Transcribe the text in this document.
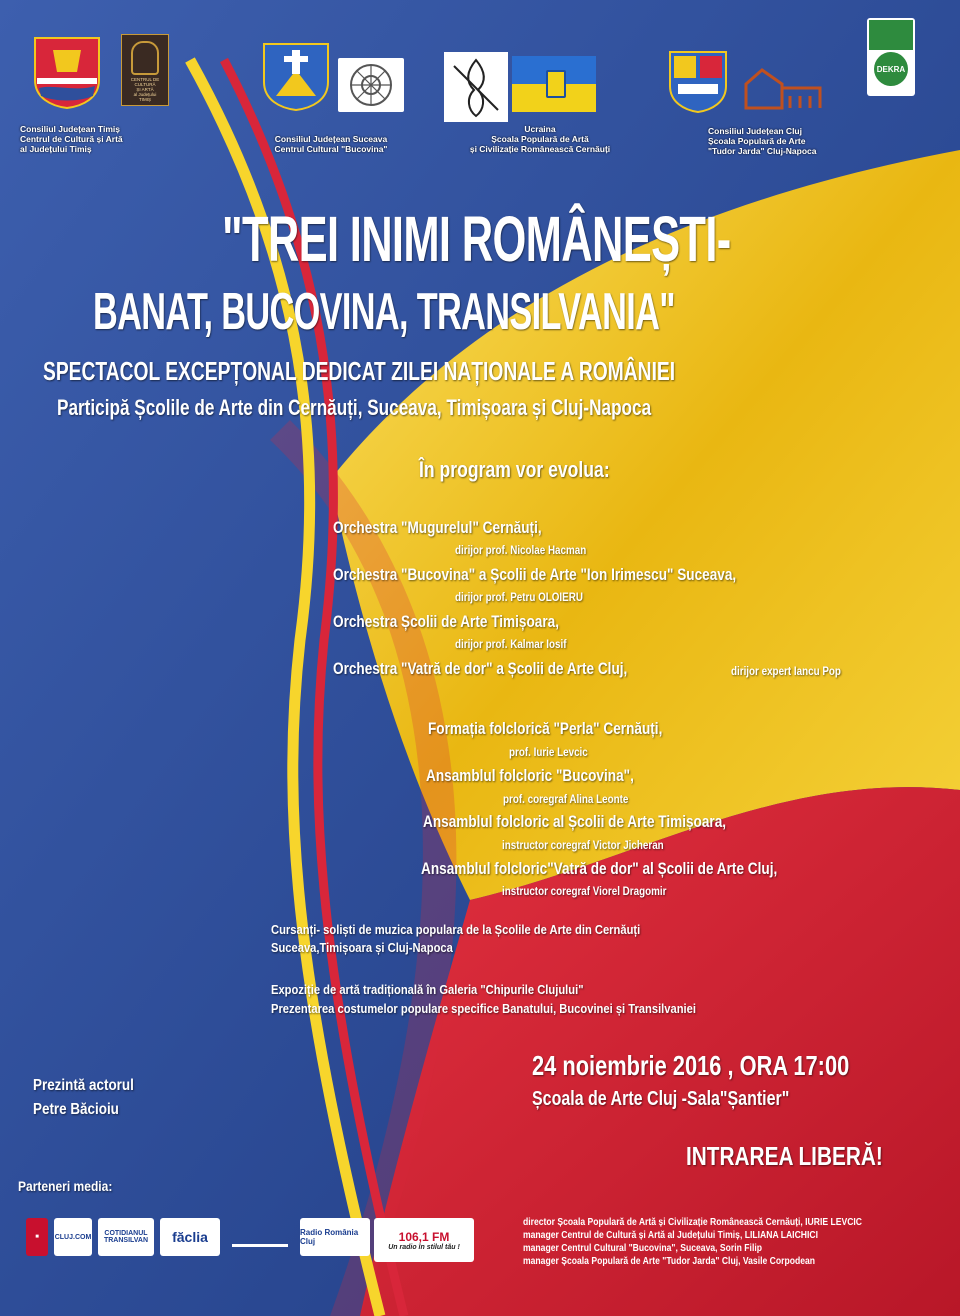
CENTRUL DE CULTURĂ
ȘI ARTĂ
al Județului
TIMIȘ
Consiliul Județean Timiș
Centrul de Cultură și Artă
al Județului Timiș
Consiliul Județean Suceava
Centrul Cultural "Bucovina"
Ucraina
Școala Populară de Artă
și Civilizație Românească Cernăuți
DEKRA
Consiliul Județean Cluj
Școala Populară de Arte
"Tudor Jarda" Cluj-Napoca
"TREI INIMI ROMÂNEȘTI-
BANAT, BUCOVINA, TRANSILVANIA"
SPECTACOL EXCEPȚONAL DEDICAT ZILEI NAȚIONALE A ROMÂNIEI
Participă Școlile de Arte din Cernăuți, Suceava, Timișoara și Cluj-Napoca
În program vor evolua:
Orchestra "Mugurelul" Cernăuți,
dirijor prof. Nicolae Hacman
Orchestra "Bucovina" a Școlii de Arte "Ion Irimescu" Suceava,
dirijor prof. Petru OLOIERU
Orchestra Școlii de Arte Timișoara,
dirijor prof. Kalmar Iosif
Orchestra "Vatră de dor" a Școlii de Arte Cluj,	dirijor expert Iancu Pop
Formația folclorică "Perla" Cernăuți,
prof. Iurie Levcic
Ansamblul folcloric "Bucovina",
prof. coregraf Alina Leonte
Ansamblul folcloric al Școlii de Arte Timișoara,
instructor coregraf Victor Jicheran
Ansamblul folcloric"Vatră de dor" al Școlii de Arte Cluj,
instructor coregraf Viorel Dragomir
Cursanți- soliști de muzica populara de la Școlile de Arte din Cernăuți
Suceava,Timișoara și Cluj-Napoca
Expoziție de artă tradițională în Galeria "Chipurile Clujului"
Prezentarea costumelor populare specifice Banatului, Bucovinei și Transilvaniei
Prezintă actorul
Petre Băcioiu
24 noiembrie 2016 , ORA 17:00
Școala de Arte Cluj -Sala"Șantier"
INTRAREA LIBERĂ!
Parteneri media:
■	CLUJ.COM	COTIDIANUL TRANSILVAN	făclia	Radio România Cluj	106,1 FM
Un radio în stilul tău !
director Școala Populară de Artă și Civilizație Românească Cernăuți, IURIE LEVCIC
manager Centrul de Cultură și Artă al Județului Timiș, LILIANA LAICHICI
manager Centrul Cultural "Bucovina", Suceava, Sorin Filip
manager Școala Populară de Arte "Tudor Jarda" Cluj, Vasile Corpodean
